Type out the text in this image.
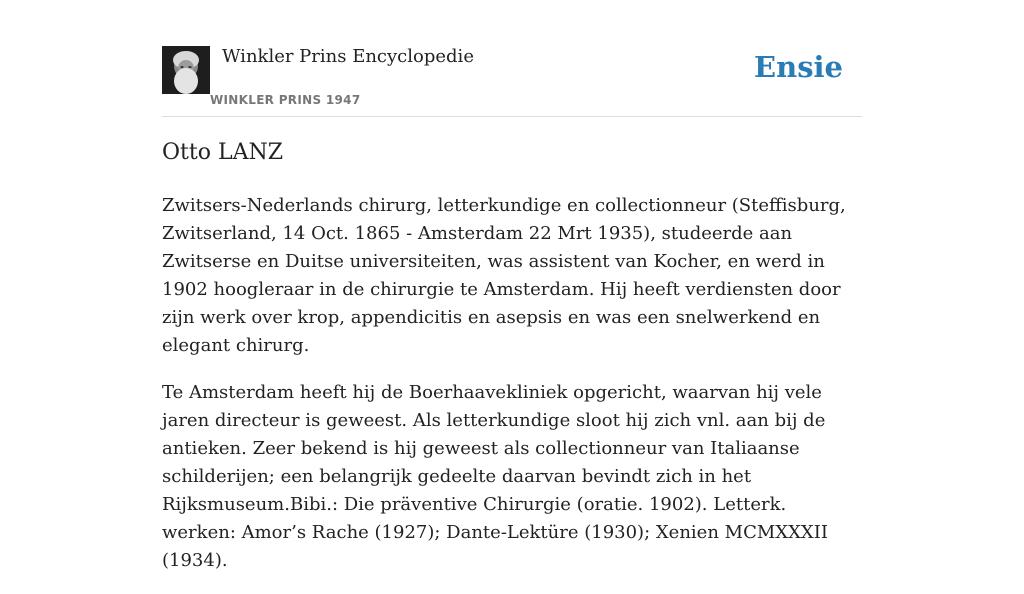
Winkler Prins Encyclopedie
WINKLER PRINS 1947
Ensie
Otto LANZ

Zwitsers-Nederlands chirurg, letterkundige en collectionneur (Steffisburg, Zwitserland, 14 Oct. 1865 - Amsterdam 22 Mrt 1935), studeerde aan Zwitserse en Duitse universiteiten, was assistent van Kocher, en werd in 1902 hoogleraar in de chirurgie te Amsterdam. Hij heeft verdiensten door zijn werk over krop, appendicitis en asepsis en was een snelwerkend en elegant chirurg.

Te Amsterdam heeft hij de Boerhaavekliniek opgericht, waarvan hij vele jaren directeur is geweest. Als letterkundige sloot hij zich vnl. aan bij de antieken. Zeer bekend is hij geweest als collectionneur van Italiaanse schilderijen; een belangrijk gedeelte daarvan bevindt zich in het Rijksmuseum.Bibi.: Die präventive Chirurgie (oratie. 1902). Letterk. werken: Amor’s Rache (1927); Dante-Lektüre (1930); Xenien MCMXXXII (1934).
